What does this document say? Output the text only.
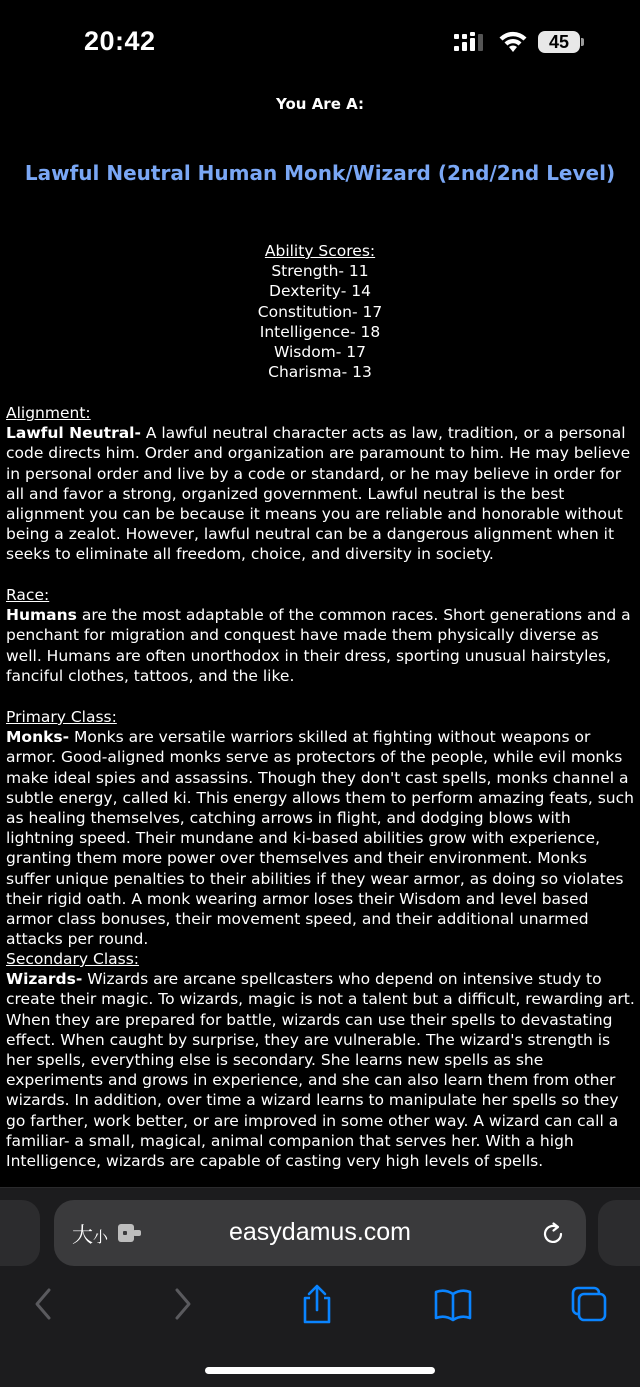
20:42	45
You Are A:
Lawful Neutral Human Monk/Wizard (2nd/2nd Level)
Ability Scores:
Strength- 11
Dexterity- 14
Constitution- 17
Intelligence- 18
Wisdom- 17
Charisma- 13
Alignment:
Lawful Neutral- A lawful neutral character acts as law, tradition, or a personal code directs him. Order and organization are paramount to him. He may believe in personal order and live by a code or standard, or he may believe in order for all and favor a strong, organized government. Lawful neutral is the best alignment you can be because it means you are reliable and honorable without being a zealot. However, lawful neutral can be a dangerous alignment when it seeks to eliminate all freedom, choice, and diversity in society.
Race:
Humans are the most adaptable of the common races. Short generations and a penchant for migration and conquest have made them physically diverse as well. Humans are often unorthodox in their dress, sporting unusual hairstyles, fanciful clothes, tattoos, and the like.
Primary Class:
Monks- Monks are versatile warriors skilled at fighting without weapons or armor. Good-aligned monks serve as protectors of the people, while evil monks make ideal spies and assassins. Though they don't cast spells, monks channel a subtle energy, called ki. This energy allows them to perform amazing feats, such as healing themselves, catching arrows in flight, and dodging blows with lightning speed. Their mundane and ki-based abilities grow with experience, granting them more power over themselves and their environment. Monks suffer unique penalties to their abilities if they wear armor, as doing so violates their rigid oath. A monk wearing armor loses their Wisdom and level based armor class bonuses, their movement speed, and their additional unarmed attacks per round.
Secondary Class:
Wizards- Wizards are arcane spellcasters who depend on intensive study to create their magic. To wizards, magic is not a talent but a difficult, rewarding art. When they are prepared for battle, wizards can use their spells to devastating effect. When caught by surprise, they are vulnerable. The wizard's strength is her spells, everything else is secondary. She learns new spells as she experiments and grows in experience, and she can also learn them from other wizards. In addition, over time a wizard learns to manipulate her spells so they go farther, work better, or are improved in some other way. A wizard can call a familiar- a small, magical, animal companion that serves her. With a high Intelligence, wizards are capable of casting very high levels of spells.
大小	easydamus.com
